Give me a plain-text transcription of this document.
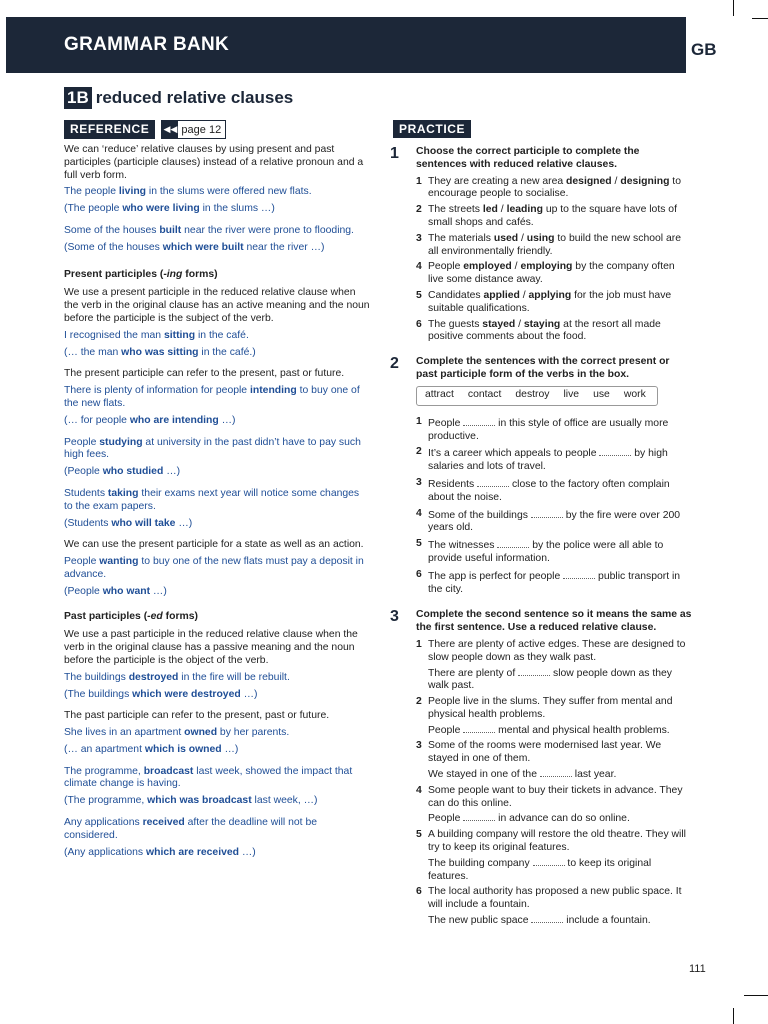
GRAMMAR BANK	GB
1B reduced relative clauses
REFERENCE	◀◀ page 12	PRACTICE
We can ‘reduce’ relative clauses by using present and past participles (participle clauses) instead of a relative pronoun and a full verb form.
The people living in the slums were offered new flats.
(The people who were living in the slums …)
Some of the houses built near the river were prone to flooding.
(Some of the houses which were built near the river …)
Present participles (-ing forms)
We use a present participle in the reduced relative clause when the verb in the original clause has an active meaning and the noun before the participle is the subject of the verb.
I recognised the man sitting in the café.
(… the man who was sitting in the café.)
The present participle can refer to the present, past or future.
There is plenty of information for people intending to buy one of the new flats.
(… for people who are intending …)
People studying at university in the past didn’t have to pay such high fees.
(People who studied …)
Students taking their exams next year will notice some changes to the exam papers.
(Students who will take …)
We can use the present participle for a state as well as an action.
People wanting to buy one of the new flats must pay a deposit in advance.
(People who want …)
Past participles (-ed forms)
We use a past participle in the reduced relative clause when the verb in the original clause has a passive meaning and the noun before the participle is the object of the verb.
The buildings destroyed in the fire will be rebuilt.
(The buildings which were destroyed …)
The past participle can refer to the present, past or future.
She lives in an apartment owned by her parents.
(… an apartment which is owned …)
The programme, broadcast last week, showed the impact that climate change is having.
(The programme, which was broadcast last week, …)
Any applications received after the deadline will not be considered.
(Any applications which are received …)
1	Choose the correct participle to complete the sentences with reduced relative clauses.
1 They are creating a new area designed / designing to encourage people to socialise.
2 The streets led / leading up to the square have lots of small shops and cafés.
3 The materials used / using to build the new school are all environmentally friendly.
4 People employed / employing by the company often live some distance away.
5 Candidates applied / applying for the job must have suitable qualifications.
6 The guests stayed / staying at the resort all made positive comments about the food.
2	Complete the sentences with the correct present or past participle form of the verbs in the box.
attract contact destroy live use work
1 People	in this style of office are usually more productive.
2 It’s a career which appeals to people	by high salaries and lots of travel.
3 Residents	close to the factory often complain about the noise.
4 Some of the buildings	by the fire were over 200 years old.
5 The witnesses	by the police were all able to provide useful information.
6 The app is perfect for people	public transport in the city.
3	Complete the second sentence so it means the same as the first sentence. Use a reduced relative clause.
1 There are plenty of active edges. These are designed to slow people down as they walk past.
There are plenty of	slow people down as they walk past.
2 People live in the slums. They suffer from mental and physical health problems.
People	mental and physical health problems.
3 Some of the rooms were modernised last year. We stayed in one of them.
We stayed in one of the	last year.
4 Some people want to buy their tickets in advance. They can do this online.
People	in advance can do so online.
5 A building company will restore the old theatre. They will try to keep its original features.
The building company	to keep its original features.
6 The local authority has proposed a new public space. It will include a fountain.
The new public space	include a fountain.
111
